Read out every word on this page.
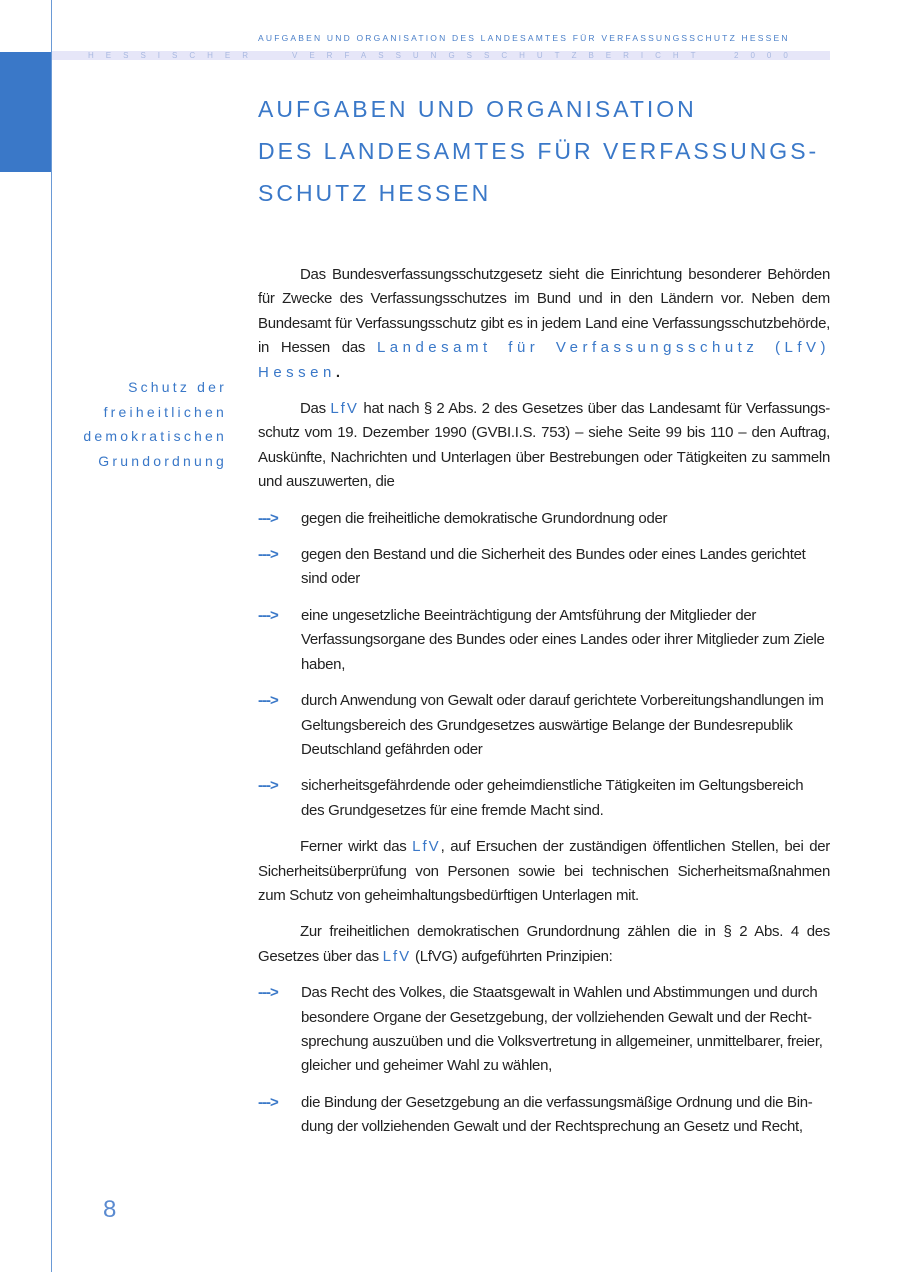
AUFGABEN UND ORGANISATION DES LANDESAMTES FÜR VERFASSUNGSSCHUTZ HESSEN
HESSISCHER	VERFASSUNGSSCHUTZBERICHT	2000
AUFGABEN UND ORGANISATION
DES LANDESAMTES FÜR VERFASSUNGS-
SCHUTZ HESSEN
Schutz der
freiheitlichen
demokratischen
Grundordnung

Das Bundesverfassungsschutzgesetz sieht die Einrichtung besonderer Behörden für Zwecke des Verfassungsschutzes im Bund und in den Ländern vor. Neben dem Bundesamt für Verfassungsschutz gibt es in jedem Land eine Verfassungsschutzbehörde, in Hessen das Landesamt für Verfassungsschutz (LfV) Hessen.

Das LfV hat nach § 2 Abs. 2 des Gesetzes über das Landesamt für Verfassungs-schutz vom 19. Dezember 1990 (GVBI.I.S. 753) – siehe Seite 99 bis 110 – den Auftrag, Auskünfte, Nachrichten und Unterlagen über Bestrebungen oder Tätigkeiten zu sammeln und auszuwerten, die

---> gegen die freiheitliche demokratische Grundordnung oder
---> gegen den Bestand und die Sicherheit des Bundes oder eines Landes gerichtet sind oder
---> eine ungesetzliche Beeinträchtigung der Amtsführung der Mitglieder der Verfassungsorgane des Bundes oder eines Landes oder ihrer Mitglieder zum Ziele haben,
---> durch Anwendung von Gewalt oder darauf gerichtete Vorbereitungshandlungen im Geltungsbereich des Grundgesetzes auswärtige Belange der Bundesrepublik Deutschland gefährden oder
---> sicherheitsgefährdende oder geheimdienstliche Tätigkeiten im Geltungsbereich des Grundgesetzes für eine fremde Macht sind.

Ferner wirkt das LfV, auf Ersuchen der zuständigen öffentlichen Stellen, bei der Sicherheitsüberprüfung von Personen sowie bei technischen Sicherheitsmaßnahmen zum Schutz von geheimhaltungsbedürftigen Unterlagen mit.

Zur freiheitlichen demokratischen Grundordnung zählen die in § 2 Abs. 4 des Gesetzes über das LfV (LfVG) aufgeführten Prinzipien:

---> Das Recht des Volkes, die Staatsgewalt in Wahlen und Abstimmungen und durch besondere Organe der Gesetzgebung, der vollziehenden Gewalt und der Recht-sprechung auszuüben und die Volksvertretung in allgemeiner, unmittelbarer, freier, gleicher und geheimer Wahl zu wählen,
---> die Bindung der Gesetzgebung an die verfassungsmäßige Ordnung und die Bin-dung der vollziehenden Gewalt und der Rechtsprechung an Gesetz und Recht,
8
